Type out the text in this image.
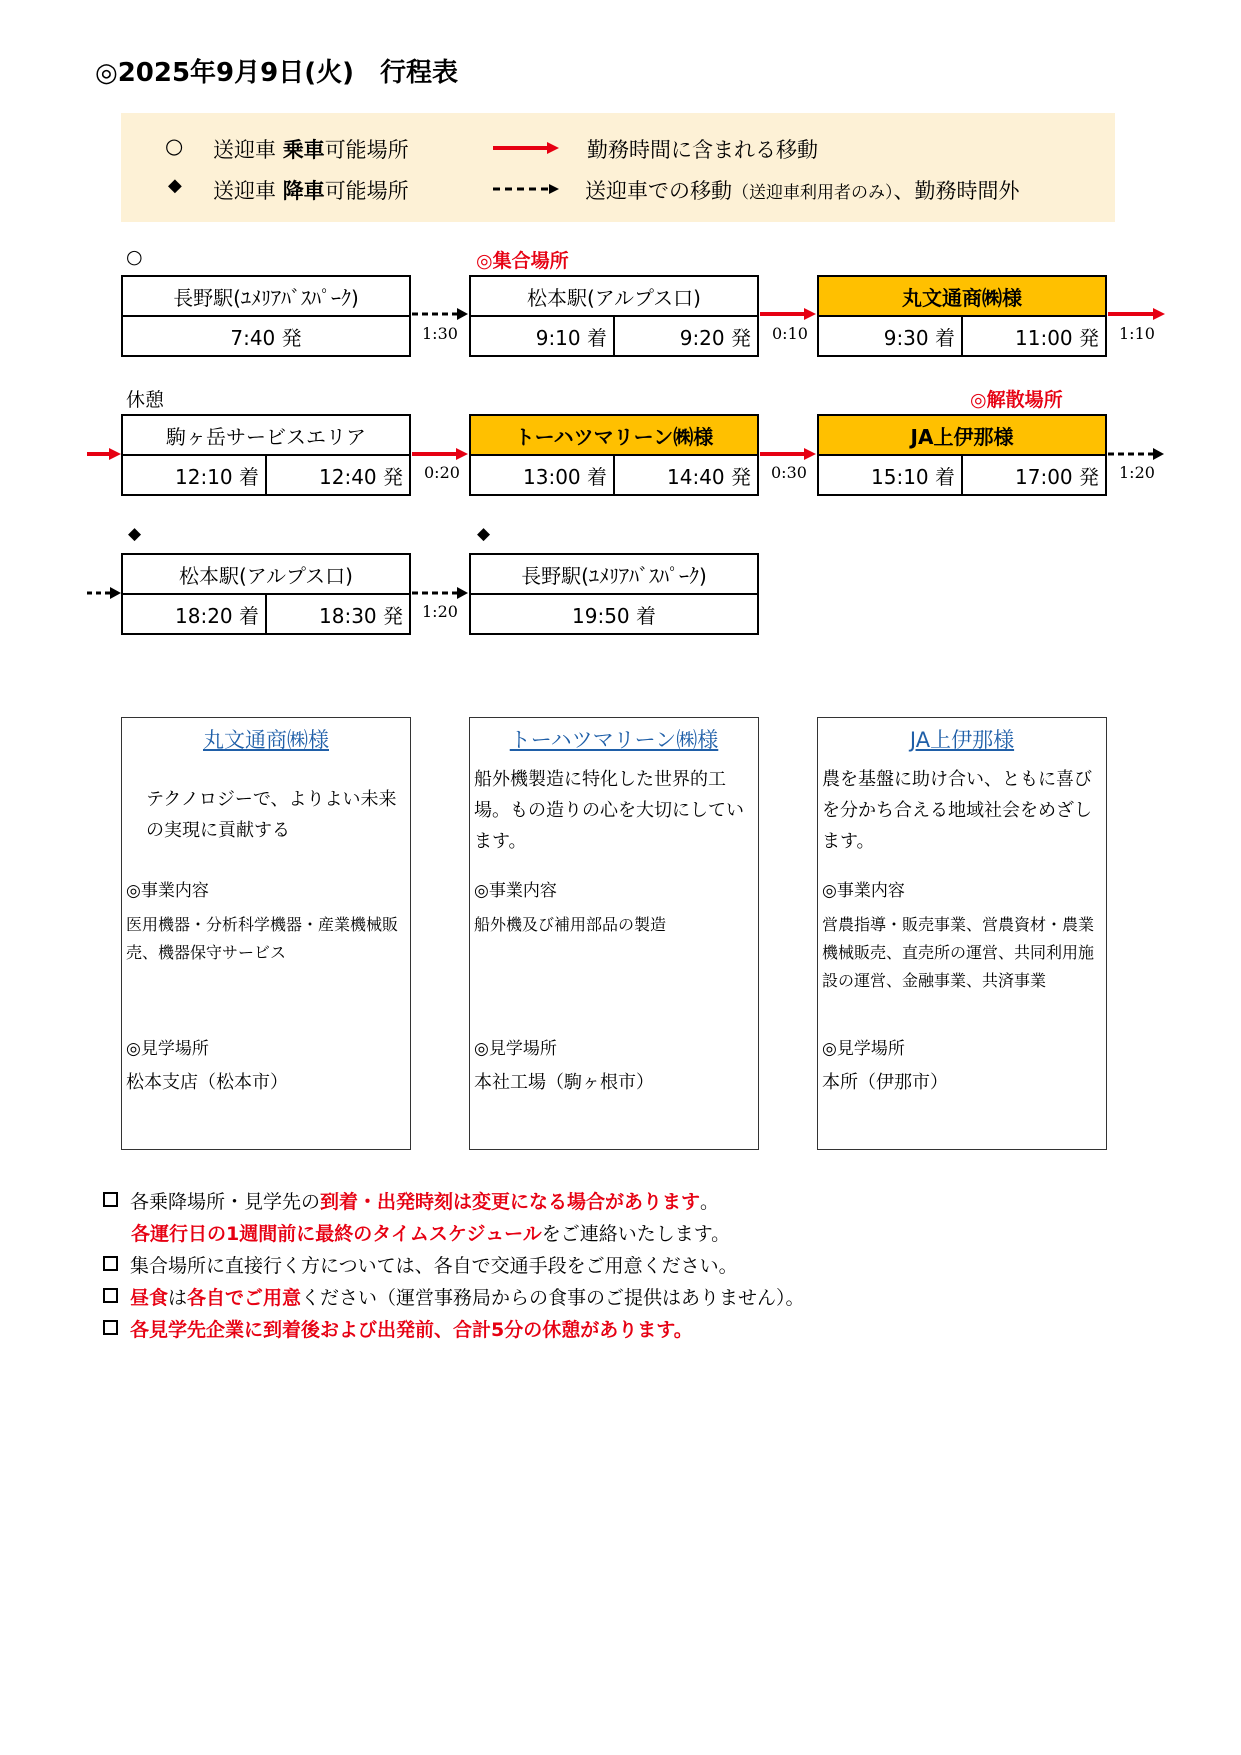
◎2025年9月9日(火) 行程表
○ 送迎車 乗車可能場所
◆ 送迎車 降車可能場所
勤務時間に含まれる移動
送迎車での移動（送迎車利用者のみ）、勤務時間外
○	◎集合場所
長野駅(ﾕﾒﾘｱﾊﾞｽﾊﾟｰｸ)
7:40 発	1:30
松本駅(アルプス口)
9:10 着	9:20 発	0:10
丸文通商㈱様
9:30 着	11:00 発	1:10
休憩	◎解散場所
駒ヶ岳サービスエリア
12:10 着	12:40 発	0:20
トーハツマリーン㈱様
13:00 着	14:40 発	0:30
JA上伊那様
15:10 着	17:00 発	1:20
◆	◆
松本駅(アルプス口)
18:20 着	18:30 発	1:20
長野駅(ﾕﾒﾘｱﾊﾞｽﾊﾟｰｸ)
19:50 着
丸文通商㈱様
テクノロジーで、よりよい未来の実現に貢献する
◎事業内容
医用機器・分析科学機器・産業機械販売、機器保守サービス
◎見学場所
松本支店（松本市）
トーハツマリーン㈱様
船外機製造に特化した世界的工場。もの造りの心を大切にしています。
◎事業内容
船外機及び補用部品の製造
◎見学場所
本社工場（駒ヶ根市）
JA上伊那様
農を基盤に助け合い、ともに喜びを分かち合える地域社会をめざします。
◎事業内容
営農指導・販売事業、営農資材・農業機械販売、直売所の運営、共同利用施設の運営、金融事業、共済事業
◎見学場所
本所（伊那市）
各乗降場所・見学先の到着・出発時刻は変更になる場合があります。
各運行日の1週間前に最終のタイムスケジュールをご連絡いたします。
集合場所に直接行く方については、各自で交通手段をご用意ください。
昼食は各自でご用意ください（運営事務局からの食事のご提供はありません）。
各見学先企業に到着後および出発前、合計5分の休憩があります。
